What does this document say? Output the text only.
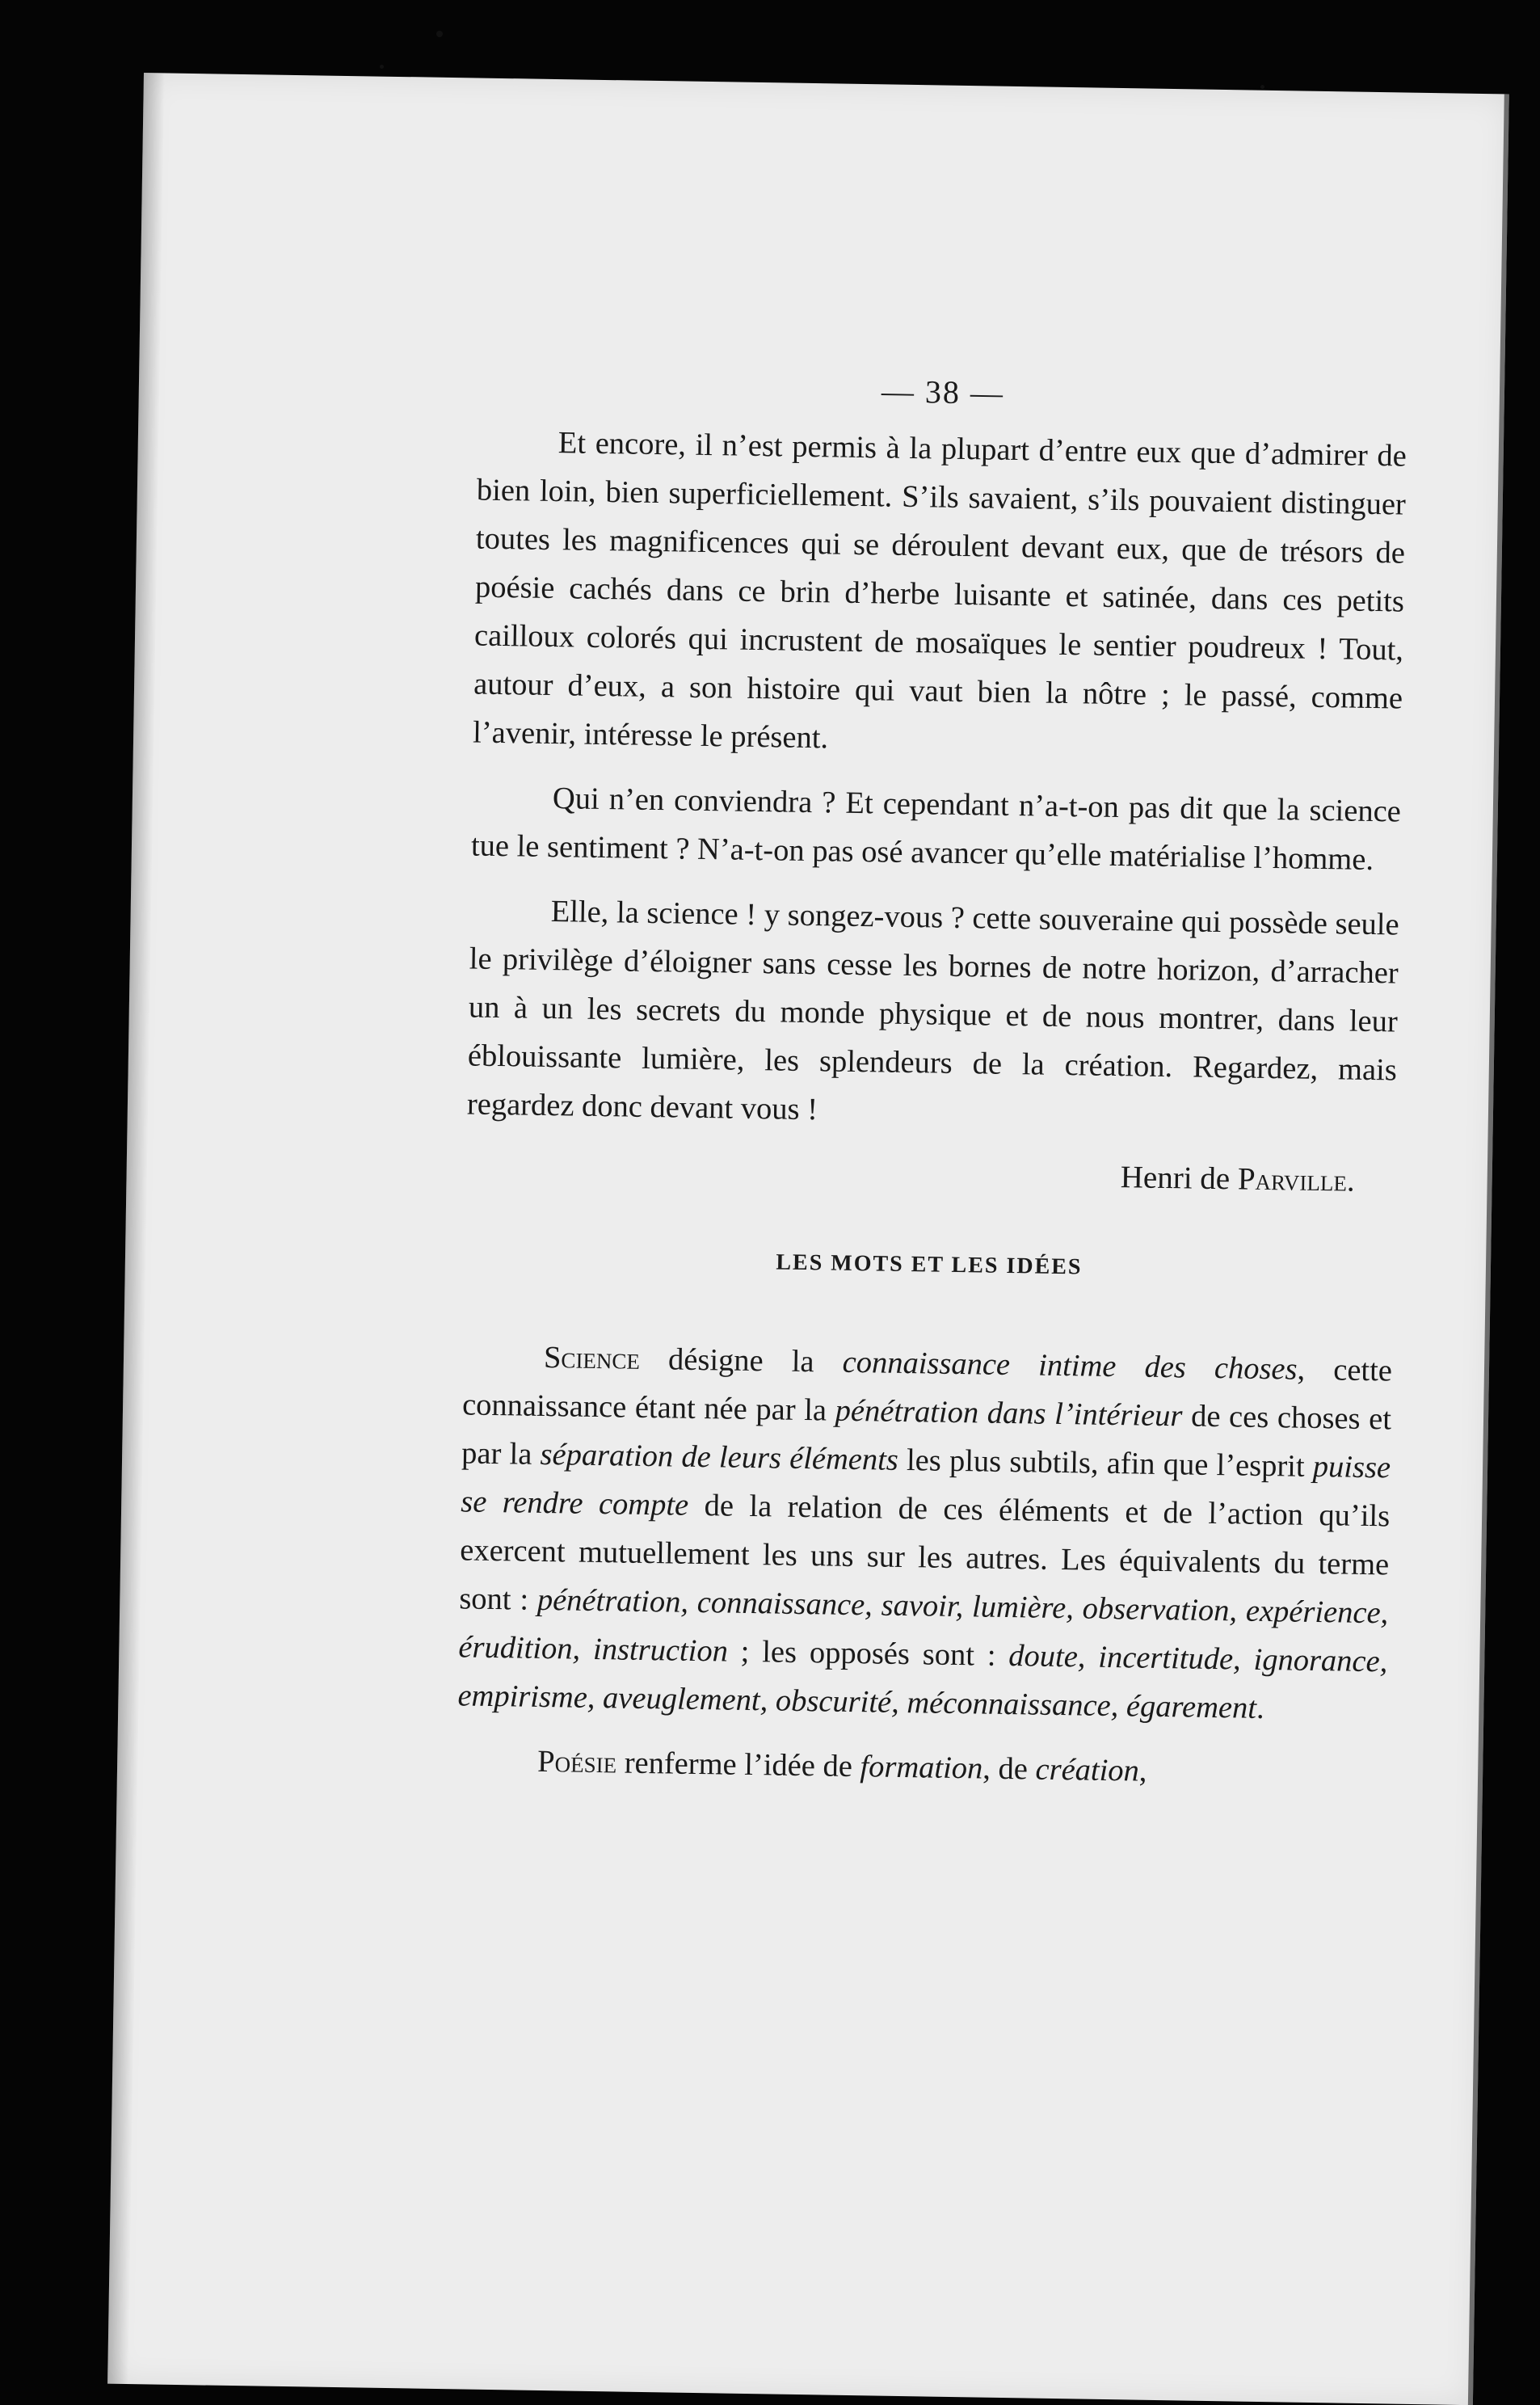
— 38 —

Et encore, il n’est permis à la plupart d’entre eux que d’admirer de bien loin, bien superficiellement. S’ils savaient, s’ils pouvaient distinguer toutes les magnificences qui se déroulent devant eux, que de trésors de poésie cachés dans ce brin d’herbe luisante et satinée, dans ces petits cailloux colorés qui incrustent de mosaïques le sentier poudreux ! Tout, autour d’eux, a son histoire qui vaut bien la nôtre ; le passé, comme l’avenir, intéresse le présent.

Qui n’en conviendra ? Et cependant n’a-t-on pas dit que la science tue le sentiment ? N’a-t-on pas osé avancer qu’elle matérialise l’homme.

Elle, la science ! y songez-vous ? cette souveraine qui possède seule le privilège d’éloigner sans cesse les bornes de notre horizon, d’arracher un à un les secrets du monde physique et de nous montrer, dans leur éblouissante lumière, les splendeurs de la création. Regardez, mais regardez donc devant vous !

Henri de Parville.
LES MOTS ET LES IDÉES

Science désigne la connaissance intime des choses, cette connaissance étant née par la pénétration dans l’intérieur de ces choses et par la séparation de leurs éléments les plus subtils, afin que l’esprit puisse se rendre compte de la relation de ces éléments et de l’action qu’ils exercent mutuellement les uns sur les autres. Les équivalents du terme sont : pénétration, connaissance, savoir, lumière, observation, expérience, érudition, instruction ; les opposés sont : doute, incertitude, ignorance, empirisme, aveuglement, obscurité, méconnaissance, égarement.

Poésie renferme l’idée de formation, de création,
